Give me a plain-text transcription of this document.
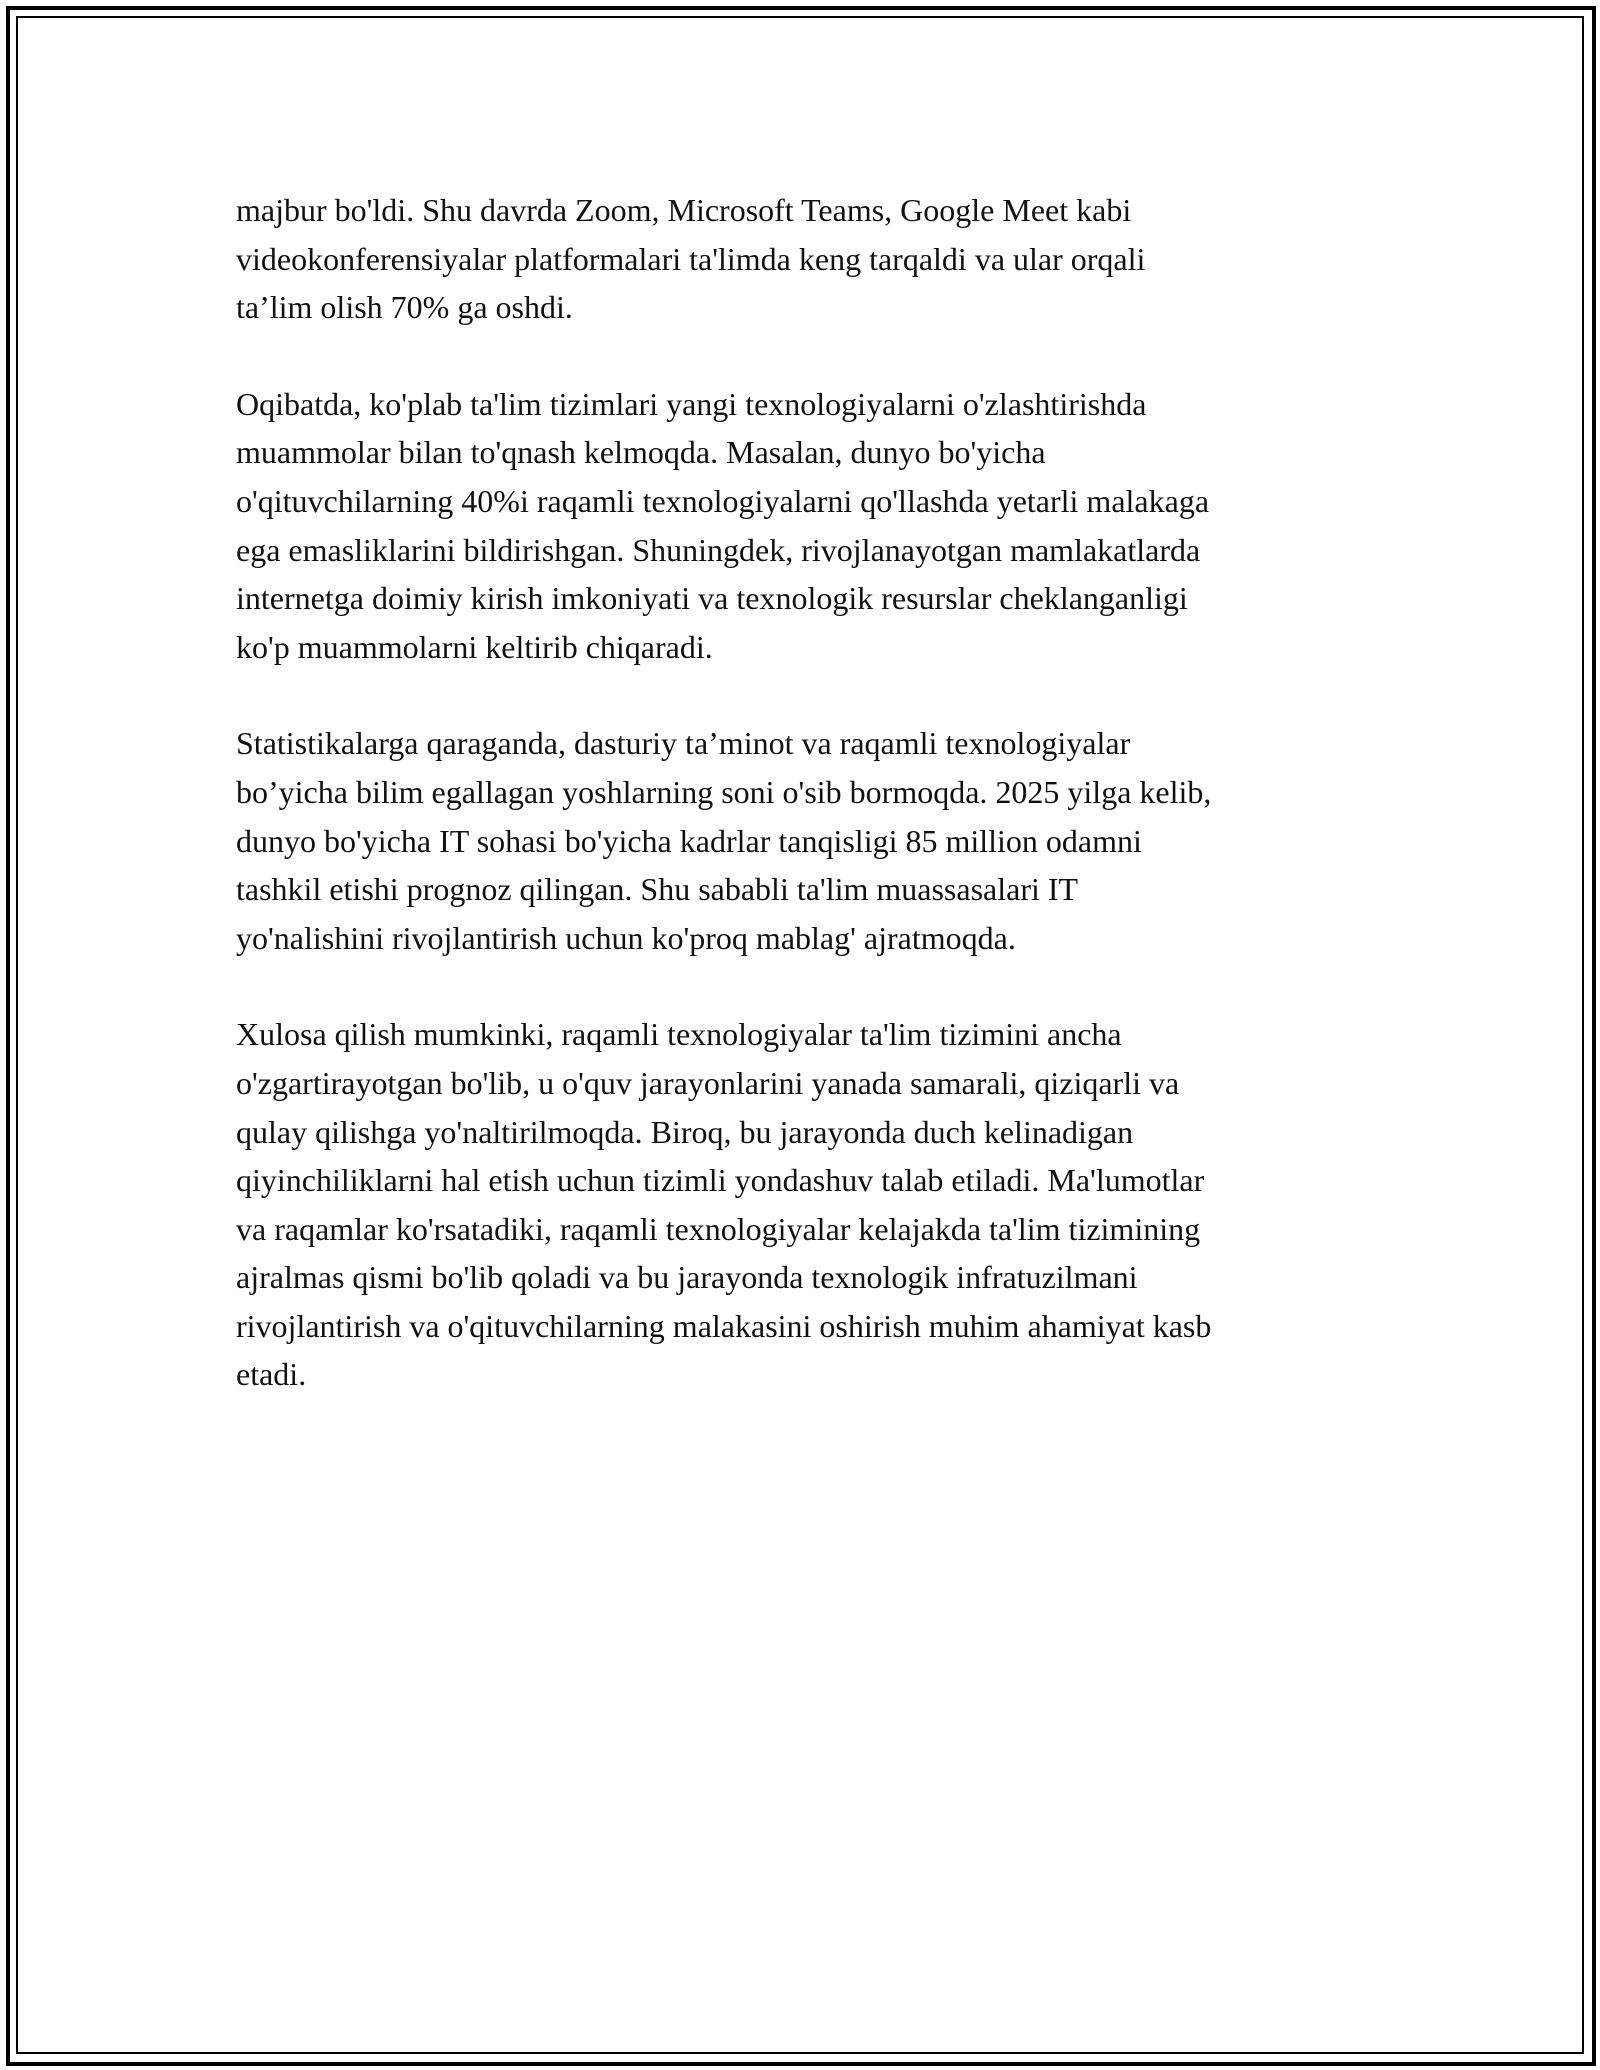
majbur bo'ldi. Shu davrda Zoom, Microsoft Teams, Google Meet kabi
videokonferensiyalar platformalari ta'limda keng tarqaldi va ular orqali
ta’lim olish 70% ga oshdi.

Oqibatda, ko'plab ta'lim tizimlari yangi texnologiyalarni o'zlashtirishda
muammolar bilan to'qnash kelmoqda. Masalan, dunyo bo'yicha
o'qituvchilarning 40%i raqamli texnologiyalarni qo'llashda yetarli malakaga
ega emasliklarini bildirishgan. Shuningdek, rivojlanayotgan mamlakatlarda
internetga doimiy kirish imkoniyati va texnologik resurslar cheklanganligi
ko'p muammolarni keltirib chiqaradi.

Statistikalarga qaraganda, dasturiy ta’minot va raqamli texnologiyalar
bo’yicha bilim egallagan yoshlarning soni o'sib bormoqda. 2025 yilga kelib,
dunyo bo'yicha IT sohasi bo'yicha kadrlar tanqisligi 85 million odamni
tashkil etishi prognoz qilingan. Shu sababli ta'lim muassasalari IT
yo'nalishini rivojlantirish uchun ko'proq mablag' ajratmoqda.

Xulosa qilish mumkinki, raqamli texnologiyalar ta'lim tizimini ancha
o'zgartirayotgan bo'lib, u o'quv jarayonlarini yanada samarali, qiziqarli va
qulay qilishga yo'naltirilmoqda. Biroq, bu jarayonda duch kelinadigan
qiyinchiliklarni hal etish uchun tizimli yondashuv talab etiladi. Ma'lumotlar
va raqamlar ko'rsatadiki, raqamli texnologiyalar kelajakda ta'lim tizimining
ajralmas qismi bo'lib qoladi va bu jarayonda texnologik infratuzilmani
rivojlantirish va o'qituvchilarning malakasini oshirish muhim ahamiyat kasb
etadi.
